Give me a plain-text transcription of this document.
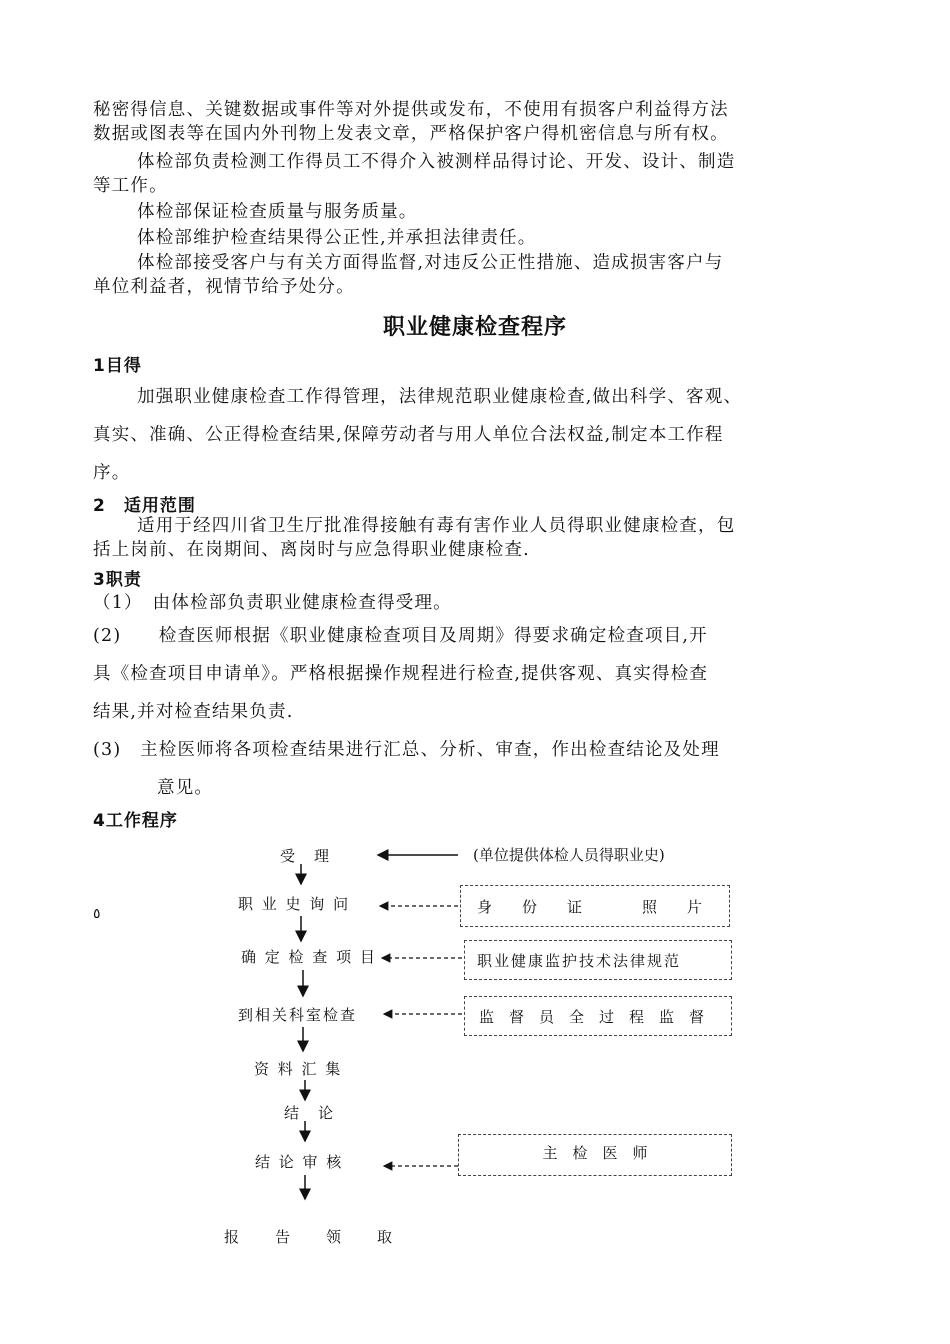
秘密得信息、关键数据或事件等对外提供或发布，不使用有损客户利益得方法
数据或图表等在国内外刊物上发表文章，严格保护客户得机密信息与所有权。
体检部负责检测工作得员工不得介入被测样品得讨论、开发、设计、制造
等工作。
体检部保证检查质量与服务质量。
体检部维护检查结果得公正性,并承担法律责任。
体检部接受客户与有关方面得监督,对违反公正性措施、造成损害客户与
单位利益者，视情节给予处分。
职业健康检查程序
1目得
加强职业健康检查工作得管理，法律规范职业健康检查,做出科学、客观、
真实、准确、公正得检查结果,保障劳动者与用人单位合法权益,制定本工作程
序。
2　适用范围
适用于经四川省卫生厅批准得接触有毒有害作业人员得职业健康检查，包
括上岗前、在岗期间、离岗时与应急得职业健康检查.
3职责
（1）　由体检部负责职业健康检查得受理。
(2)　　检查医师根据《职业健康检查项目及周期》得要求确定检查项目,开
具《检查项目申请单》。严格根据操作规程进行检查,提供客观、真实得检查
结果,并对检查结果负责.
(3)　主检医师将各项检查结果进行汇总、分析、审查，作出检查结论及处理
意见。
4工作程序
٥
受　理
职 业 史 询 问
确 定 检 查 项 目
到相关科室检查
资 料 汇 集
结　论
结 论 审 核
报　　告　　领　　取
(单位提供体检人员得职业史)
身　　份　　证　　　　照　　片
职业健康监护技术法律规范
监　督　员　全　过　程　监　督
主　检　医　师
